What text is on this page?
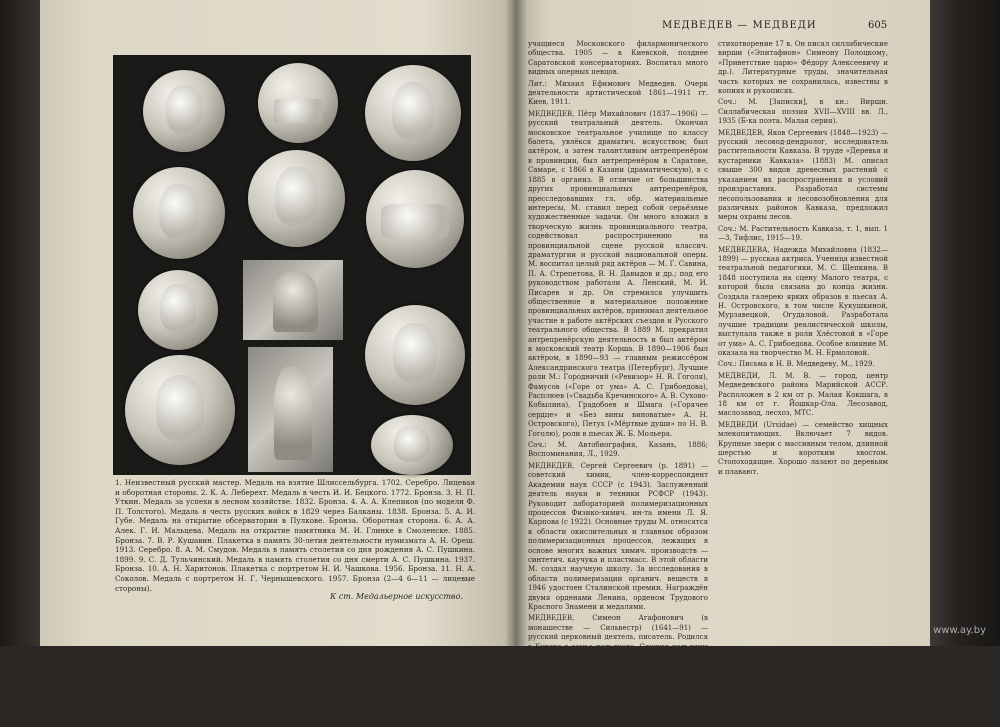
1. Неизвестный русский мастер. Медаль на взятие Шлиссельбурга. 1702. Серебро. Лицевая и оборотная стороны. 2. К. А. Леберехт. Медаль в честь И. И. Бецкого. 1772. Бронза. 3. Н. П. Уткин. Медаль за успехи в лесном хозяйстве. 1832. Бронза. 4. А. А. Клепиков (по модели Ф. П. Толстого). Медаль в честь русских войск в 1829 через Балканы. 1838. Бронза. 5. А. И. Губе. Медаль на открытие обсерватории в Пулкове. Бронза. Оборотная сторона. 6. А. А. Алек. Г. И. Мальцева. Медаль на открытие памятника М. И. Глинке в Смоленске. 1885. Бронза. 7. В. Р. Кушавин. Плакетка в память 30-летия деятельности нумизмата А. Н. Ореш. 1913. Серебро. 8. А. М. Смудов. Медаль в память столетия со дня рождения А. С. Пушкина. 1899. 9. С. Д. Тульчинский. Медаль в память столетия со дня смерти А. С. Пушкина. 1937. Бронза. 10. А. Н. Харитонов. Плакетка с портретом Н. И. Чашкова. 1956. Бронза. 11. Н. А. Соколов. Медаль с портретом Н. Г. Чернышевского. 1957. Бронза (2—4 6—11 — лицевые стороны).
К ст. Медальерное искусство.
МЕДВЕДЕВ — МЕДВЕДИ	605

учащиеся Московского филармонического общества. 1905 — в Киевской, позднее Саратовской консерваториях. Воспитал много видных оперных певцов.

Лит.: Михаил Ефимович Медведев. Очерк деятельности артистической 1861—1911 гг. Киев, 1911.

МЕДВЕДЕВ, Пётр Михайлович (1837—1906) — русский театральный деятель. Окончил московское театральное училище по классу балета, увлёкся драматич. искусством; был актёром, а затем талантливым антрепренёром в провинции, был антрепренёром в Саратове, Самаре, с 1866 в Казани (драматическую), в с 1885 в организ. В отличие от большинства других провинциальных антрепренёров, пресследовавших гл. обр. материальные интересы, М. ставил перед собой серьёзные художественные задачи. Он много вложил в творческую жизнь провинциального театра, содействовал распространению на провинциальной сцене русской классич. драматургии и русской национальной оперы. М. воспитал целый ряд актёров — М. Г. Савина, П. А. Стрепетова, В. Н. Давыдов и др.; под его руководством работали А. Ленский, М. И. Писарев и др. Он стремился улучшить общественное и материальное положение провинциальных актёров, принимал деятельное участие в работе актёрских съездов и Русского театрального общества. В 1889 М. прекратил антрепренёрскую деятельность и был актёром в московский театр Корша. В 1890—1906 был актёром, в 1890—93 — главным режиссёром Александринского театра (Петербург). Лучшие роли М.: Городничий («Ревизор» Н. В. Гоголя), Фамусов («Горе от ума» А. С. Грибоедова), Расплюев («Свадьба Кречинского» А. В. Сухово-Кобылина), Градобоев и Шмага («Горячее сердце» и «Без вины виноватые» А. Н. Островского), Петух («Мёртвые души» по Н. В. Гоголю), роли в пьесах Ж. Б. Мольера.

Соч.: М. Автобиография, Казань, 1886; Воспоминания, Л., 1929.

МЕДВЕДЕВ, Сергей Сергеевич (р. 1891) — советский химик, член-корреспондент Академии наук СССР (с 1943). Заслуженный деятель науки и техники РСФСР (1943). Руководит лабораторией полимеризационных процессов Физико-химич. ин-та имени Л. Я. Карпова (с 1922). Основные труды М. относятся к области окислительных и главным образом полимеризационных процессов, лежащих в основе многих важных химич. производств — синтетич. каучука и пластмасс. В этой области М. создал научную школу. За исследования в области полимеризации органич. веществ в 1946 удостоен Сталинской премии. Награждён двумя орденами Ленина, орденом Трудового Красного Знамени и медалями.

МЕДВЕДЕВ, Симеон Агафонович (в монашестве — Сильвестр) (1641—91) — русский церковный деятель, писатель. Родился в Курске в семье подьячего. Служил подьячим в приказе Тайных дел. Получил образование в школе Симеона Полоцкого. Был справщиком (редактором) Печатного двора. В 1665 М. основал в Москве школу при Заиконоспасском монастыре и составил проект преобразования этой школы в Академию. В 1689 был арестован и в 1691 казнён по обвинению в заговоре против Петра I.

стихотворение 17 в. Он писал силлабические вирши («Эпитафион» Симеону Полоцкому, «Приветствие царю» Фёдору Алексеевичу и др.). Литературные труды, значительная часть которых не сохранилась, известны в копиях и рукописях.

Соч.: М. [Записки], в кн.: Вирши. Силлабическая поэзия XVII—XVIII вв. Л., 1935 (Б-ка поэта. Малая серия).

МЕДВЕДЕВ, Яков Сергеевич (1848—1923) — русский лесовод-дендролог, исследователь растительности Кавказа. В труде «Деревья и кустарники Кавказа» (1883) М. описал свыше 300 видов древесных растений с указанием их распространения и условий произрастания. Разработал системы лесопользования и лесовозобновления для различных районов Кавказа, предложил меры охраны лесов.

Соч.: М. Растительность Кавказа, т. 1, вып. 1—3, Тифлис, 1915—19.

МЕДВЕДЕВА, Надежда Михайловна (1832—1899) — русская актриса. Ученица известной театральной педагогики, М. С. Щепкина. В 1848 поступила на сцену Малого театра, с которой была связана до конца жизни. Создала галерею ярких образов в пьесах А. Н. Островского, в том числе Кукушкиной, Мурзавецкой, Огудаловой. Разработала лучшие традиции реалистической школы, выступала также в роли Хлёстовой в «Горе от ума» А. С. Грибоедова. Особое влияние М. оказала на творчество М. Н. Ермоловой.

Соч.: Письма к Н. В. Медведеву, М., 1929.

МЕДВЕДИ, Л. М. В. — город, центр Медведевского района Марийской АССР. Расположен в 2 км от р. Малая Кокшага, в 18 км от г. Йошкар-Ола. Лесозавод, маслозавод, лесхоз, МТС.

МЕДВЕДИ (Ursidae) — семейство хищных млекопитающих. Включает 7 видов. Крупные звери с массивным телом, длинной шерстью и коротким хвостом. Стопоходящие. Хорошо лазают по деревьям и плавают.

www.ay.by
